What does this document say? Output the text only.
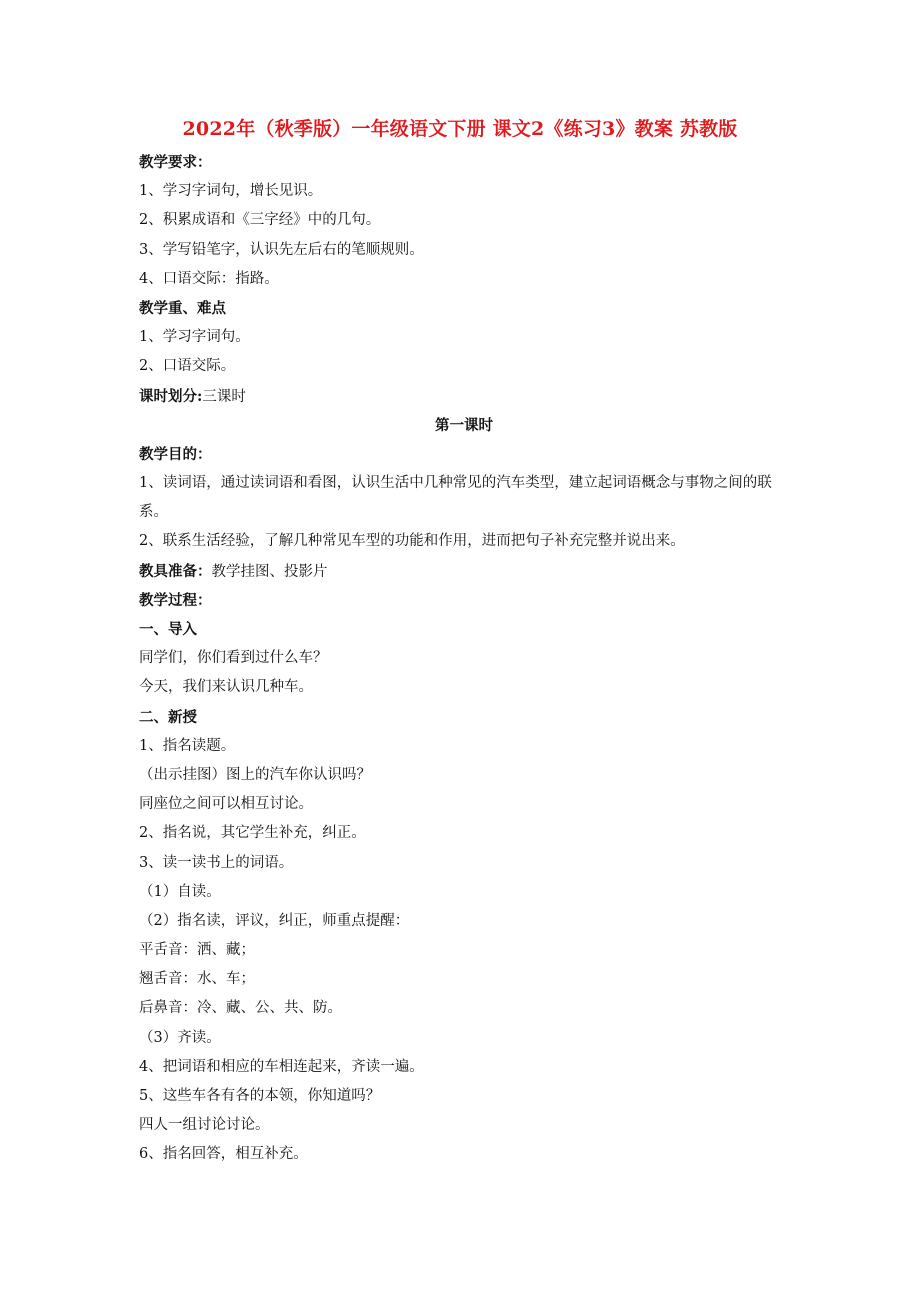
2022年（秋季版）一年级语文下册 课文2《练习3》教案 苏教版
教学要求：
1、学习字词句，增长见识。
2、积累成语和《三字经》中的几句。
3、学写铅笔字，认识先左后右的笔顺规则。
4、口语交际：指路。
教学重、难点
1、学习字词句。
2、口语交际。
课时划分:三课时
第一课时
教学目的：
1、读词语，通过读词语和看图，认识生活中几种常见的汽车类型，建立起词语概念与事物之间的联系。
2、联系生活经验，了解几种常见车型的功能和作用，进而把句子补充完整并说出来。
教具准备：教学挂图、投影片
教学过程：
一、导入
同学们，你们看到过什么车？
今天，我们来认识几种车。
二、新授
1、指名读题。
（出示挂图）图上的汽车你认识吗？
同座位之间可以相互讨论。
2、指名说，其它学生补充，纠正。
3、读一读书上的词语。
（1）自读。
（2）指名读，评议，纠正，师重点提醒：
平舌音：洒、藏；
翘舌音：水、车；
后鼻音：冷、藏、公、共、防。
（3）齐读。
4、把词语和相应的车相连起来，齐读一遍。
5、这些车各有各的本领，你知道吗？
四人一组讨论讨论。
6、指名回答，相互补充。
